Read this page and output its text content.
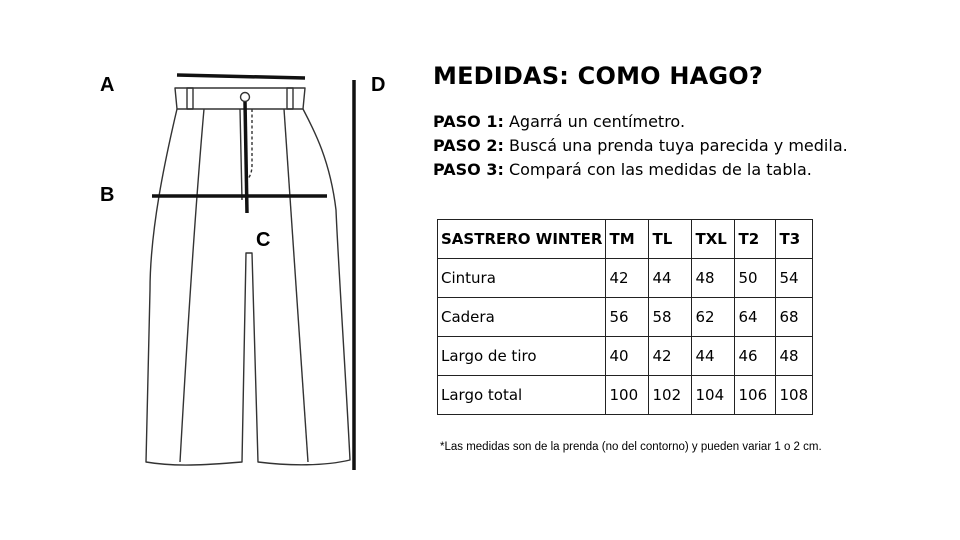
A
B
C
D MEDIDAS: COMO HAGO?
PASO 1: Agarrá un centímetro.
PASO 2: Buscá una prenda tuya parecida y medila.
PASO 3: Compará con las medidas de la tabla.
SASTRERO WINTER	TM	TL	TXL	T2	T3
Cintura	42	44	48	50	54
Cadera	56	58	62	64	68
Largo de tiro	40	42	44	46	48
Largo total	100	102	104	106	108
*Las medidas son de la prenda (no del contorno) y pueden variar 1 o 2 cm.
